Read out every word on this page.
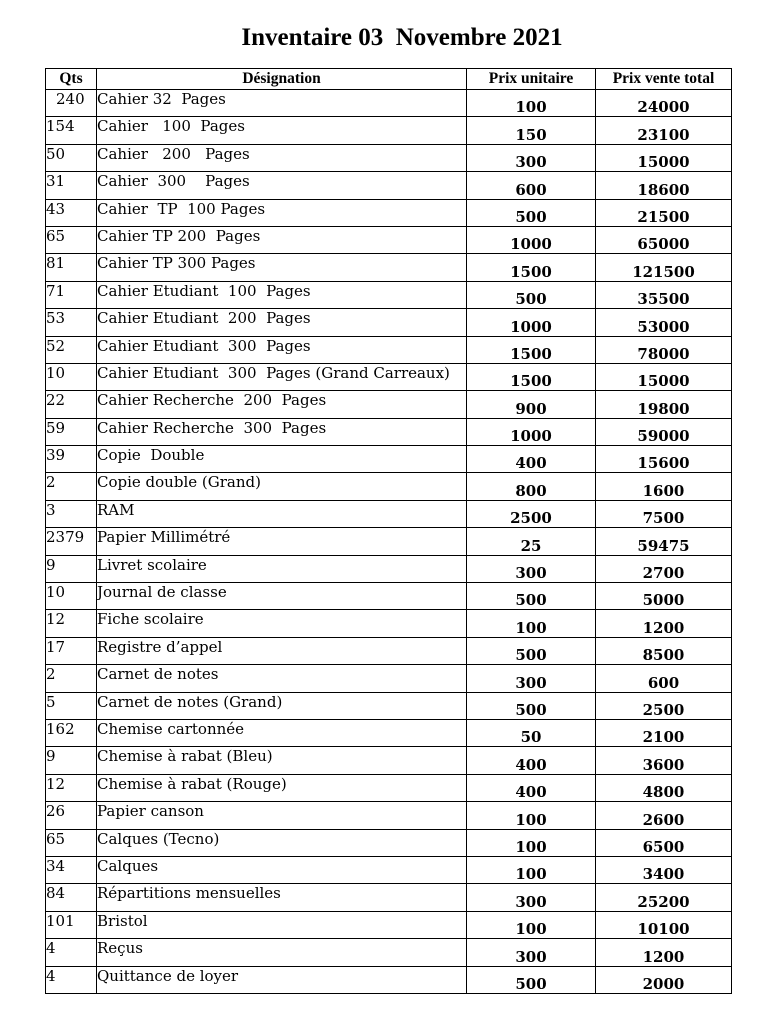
Inventaire 03  Novembre 2021
Qts	Désignation	Prix unitaire	Prix vente total
240	Cahier 32  Pages	100	24000
154	Cahier   100  Pages	150	23100
50	Cahier   200   Pages	300	15000
31	Cahier  300    Pages	600	18600
43	Cahier  TP  100 Pages	500	21500
65	Cahier TP 200  Pages	1000	65000
81	Cahier TP 300 Pages	1500	121500
71	Cahier Etudiant  100  Pages	500	35500
53	Cahier Etudiant  200  Pages	1000	53000
52	Cahier Etudiant  300  Pages	1500	78000
10	Cahier Etudiant  300  Pages (Grand Carreaux)	1500	15000
22	Cahier Recherche  200  Pages	900	19800
59	Cahier Recherche  300  Pages	1000	59000
39	Copie  Double	400	15600
2	Copie double (Grand)	800	1600
3	RAM	2500	7500
2379	Papier Millimétré	25	59475
9	Livret scolaire	300	2700
10	Journal de classe	500	5000
12	Fiche scolaire	100	1200
17	Registre d’appel	500	8500
2	Carnet de notes	300	600
5	Carnet de notes (Grand)	500	2500
162	Chemise cartonnée	50	2100
9	Chemise à rabat (Bleu)	400	3600
12	Chemise à rabat (Rouge)	400	4800
26	Papier canson	100	2600
65	Calques (Tecno)	100	6500
34	Calques	100	3400
84	Répartitions mensuelles	300	25200
101	Bristol	100	10100
4	Reçus	300	1200
4	Quittance de loyer	500	2000
